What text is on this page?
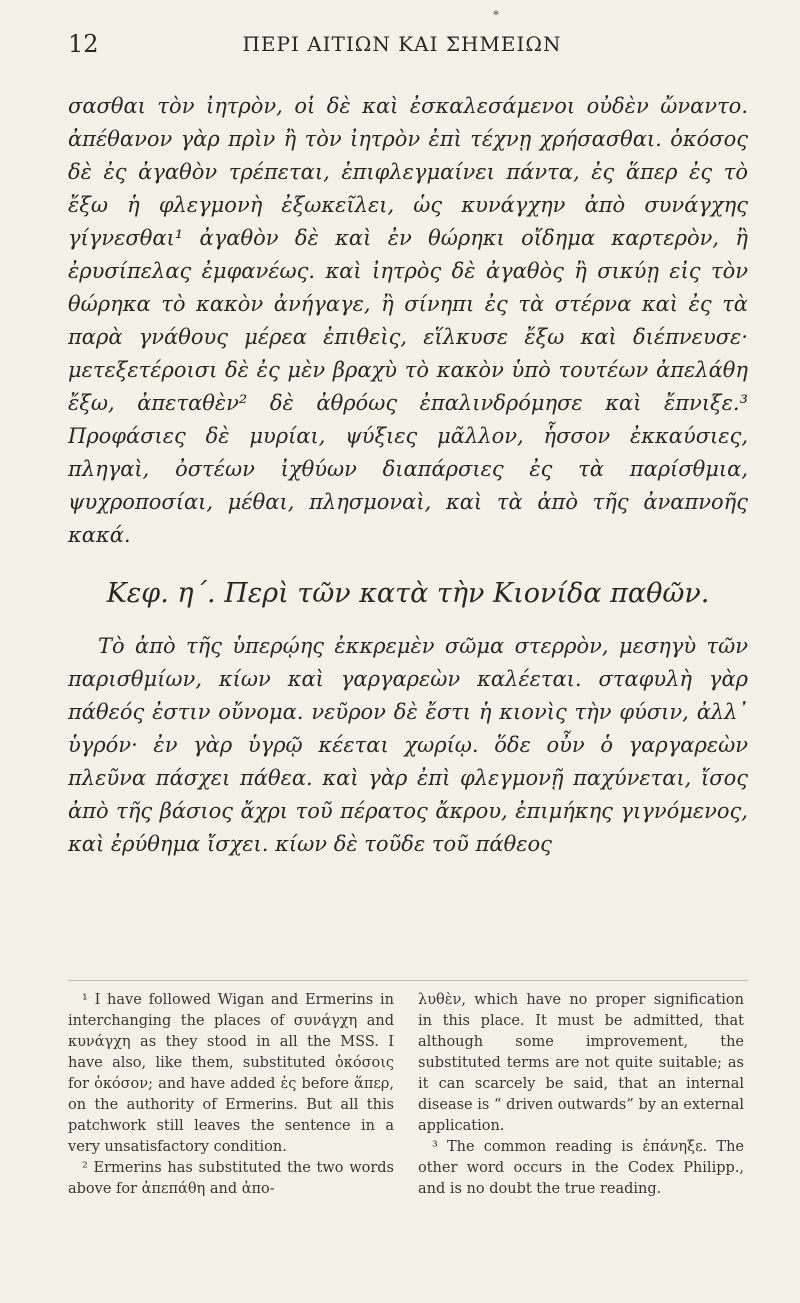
*
12	ΠΕΡΙ ΑΙΤΙΩΝ ΚΑΙ ΣΗΜΕΙΩΝ

σασθαι τὸν ἰητρὸν, οἱ δὲ καὶ ἐσκαλεσάμενοι οὐδὲν ὤναντο. ἀπέθανον γὰρ πρὶν ἢ τὸν ἰητρὸν ἐπὶ τέχνῃ χρήσασθαι. ὁκόσος δὲ ἐς ἀγαθὸν τρέπεται, ἐπιφλεγμαίνει πάντα, ἐς ἅπερ ἐς τὸ ἔξω ἡ φλεγμονὴ ἐξωκεῖλει, ὡς κυνάγχην ἀπὸ συνάγχης γίγνεσθαι¹ ἀγαθὸν δὲ καὶ ἐν θώρηκι οἴδημα καρτερὸν, ἢ ἐρυσίπελας ἐμφανέως. καὶ ἰητρὸς δὲ ἀγαθὸς ἢ σικύῃ εἰς τὸν θώρηκα τὸ κακὸν ἀνήγαγε, ἢ σίνηπι ἐς τὰ στέρνα καὶ ἐς τὰ παρὰ γνάθους μέρεα ἐπιθεὶς, εἵλκυσε ἔξω καὶ διέπνευσε· μετεξετέροισι δὲ ἐς μὲν βραχὺ τὸ κακὸν ὑπὸ τουτέων ἀπελάθη ἔξω, ἀπεταθὲν² δὲ ἀθρόως ἐπαλινδρόμησε καὶ ἔπνιξε.³ Προφάσιες δὲ μυρίαι, ψύξιες μᾶλλον, ἧσσον ἐκκαύσιες, πληγαὶ, ὀστέων ἰχθύων διαπάρσιες ἐς τὰ παρίσθμια, ψυχροποσίαι, μέθαι, πλησμοναὶ, καὶ τὰ ἀπὸ τῆς ἀναπνοῆς κακά.

Κεφ. η΄. Περὶ τῶν κατὰ τὴν Κιονίδα παθῶν.
Τὸ ἀπὸ τῆς ὑπερῴης ἐκκρεμὲν σῶμα στερρὸν, μεσηγὺ τῶν παρισθμίων, κίων καὶ γαργαρεὼν καλέεται. σταφυλὴ γὰρ πάθεός ἐστιν οὔνομα. νεῦρον δὲ ἔστι ἡ κιονὶς τὴν φύσιν, ἀλλ᾽ ὑγρόν· ἐν γὰρ ὑγρῷ κέεται χωρίῳ. ὅδε οὖν ὁ γαργαρεὼν πλεῦνα πάσχει πάθεα. καὶ γὰρ ἐπὶ φλεγμονῇ παχύνεται, ἴσος ἀπὸ τῆς βάσιος ἄχρι τοῦ πέρατος ἄκρου, ἐπιμήκης γιγνόμενος, καὶ ἐρύθημα ἴσχει. κίων δὲ τοῦδε τοῦ πάθεος

¹ I have followed Wigan and Ermerins in interchanging the places of συνάγχη and κυνάγχη as they stood in all the MSS. I have also, like them, substituted ὁκόσοις for ὁκόσον; and have added ἐς before ἅπερ, on the authority of Ermerins. But all this patchwork still leaves the sentence in a very unsatisfactory condition.

² Ermerins has substituted the two words above for ἀπεπάθη and ἀπο-

λυθὲν, which have no proper signification in this place. It must be admitted, that although some improvement, the substituted terms are not quite suitable; as it can scarcely be said, that an internal disease is “ driven outwards” by an external application.

³ The common reading is ἐπάνηξε. The other word occurs in the Codex Philipp., and is no doubt the true reading.
